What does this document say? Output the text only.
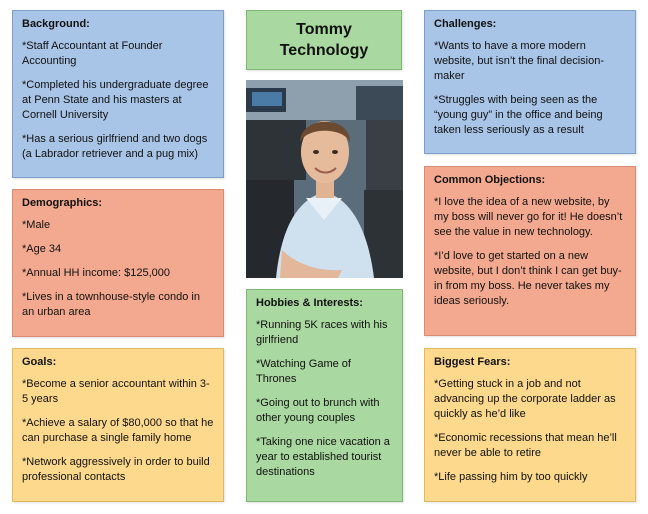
Background:

*Staff Accountant at Founder Accounting

*Completed his undergraduate degree at Penn State and his masters at Cornell University

*Has a serious girlfriend and two dogs (a Labrador retriever and a pug mix)

Demographics:

*Male

*Age 34

*Annual HH income: $125,000

*Lives in a townhouse-style condo in an urban area

Goals:

*Become a senior accountant within 3-5 years

*Achieve a salary of $80,000 so that he can purchase a single family home

*Network aggressively in order to build professional contacts

Tommy
Technology
Hobbies & Interests:

*Running 5K races with his girlfriend

*Watching Game of Thrones

*Going out to brunch with other young couples

*Taking one nice vacation a year to established tourist destinations

Challenges:

*Wants to have a more modern website, but isn’t the final decision-maker

*Struggles with being seen as the “young guy” in the office and being taken less seriously as a result

Common Objections:

*I love the idea of a new website, by my boss will never go for it! He doesn’t see the value in new technology.

*I’d love to get started on a new website, but I don’t think I can get buy-in from my boss. He never takes my ideas seriously.

Biggest Fears:

*Getting stuck in a job and not advancing up the corporate ladder as quickly as he’d like

*Economic recessions that mean he’ll never be able to retire

*Life passing him by too quickly
